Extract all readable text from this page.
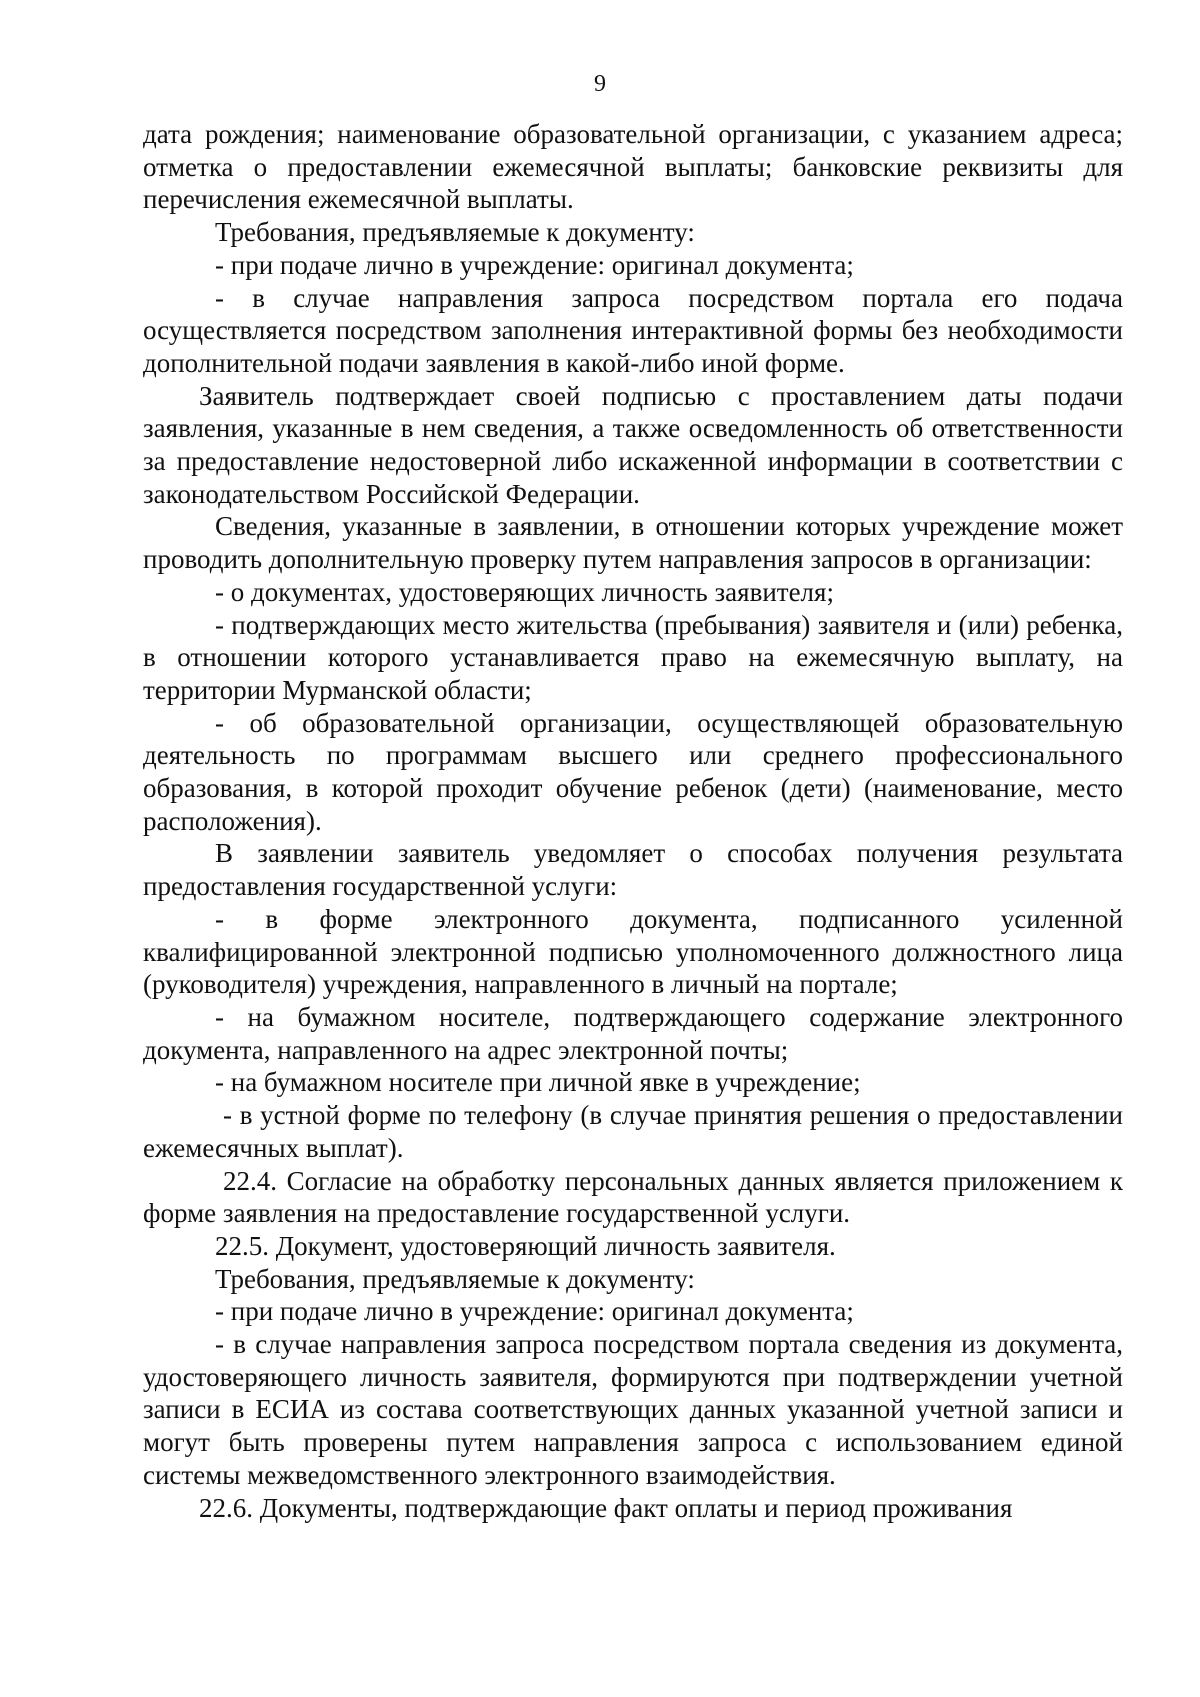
9

дата рождения; наименование образовательной организации, с указанием адреса; отметка о предоставлении ежемесячной выплаты; банковские реквизиты для перечисления ежемесячной выплаты.

Требования, предъявляемые к документу:

- при подаче лично в учреждение: оригинал документа;

- в случае направления запроса посредством портала его подача осуществляется посредством заполнения интерактивной формы без необходимости дополнительной подачи заявления в какой-либо иной форме.

Заявитель подтверждает своей подписью с проставлением даты подачи заявления, указанные в нем сведения, а также осведомленность об ответственности за предоставление недостоверной либо искаженной информации в соответствии с законодательством Российской Федерации.

Сведения, указанные в заявлении, в отношении которых учреждение может проводить дополнительную проверку путем направления запросов в организации:

- о документах, удостоверяющих личность заявителя;

- подтверждающих место жительства (пребывания) заявителя и (или) ребенка, в отношении которого устанавливается право на ежемесячную выплату, на территории Мурманской области;

- об образовательной организации, осуществляющей образовательную деятельность по программам высшего или среднего профессионального образования, в которой проходит обучение ребенок (дети) (наименование, место расположения).

В заявлении заявитель уведомляет о способах получения результата предоставления государственной услуги:

- в форме электронного документа, подписанного усиленной квалифицированной электронной подписью уполномоченного должностного лица (руководителя) учреждения, направленного в личный на портале;

- на бумажном носителе, подтверждающего содержание электронного документа, направленного на адрес электронной почты;

- на бумажном носителе при личной явке в учреждение;

- в устной форме по телефону (в случае принятия решения о предоставлении ежемесячных выплат).

22.4. Согласие на обработку персональных данных является приложением к форме заявления на предоставление государственной услуги.

22.5. Документ, удостоверяющий личность заявителя.

Требования, предъявляемые к документу:

- при подаче лично в учреждение: оригинал документа;

- в случае направления запроса посредством портала сведения из документа, удостоверяющего личность заявителя, формируются при подтверждении учетной записи в ЕСИА из состава соответствующих данных указанной учетной записи и могут быть проверены путем направления запроса с использованием единой системы межведомственного электронного взаимодействия.

22.6. Документы, подтверждающие факт оплаты и период проживания
